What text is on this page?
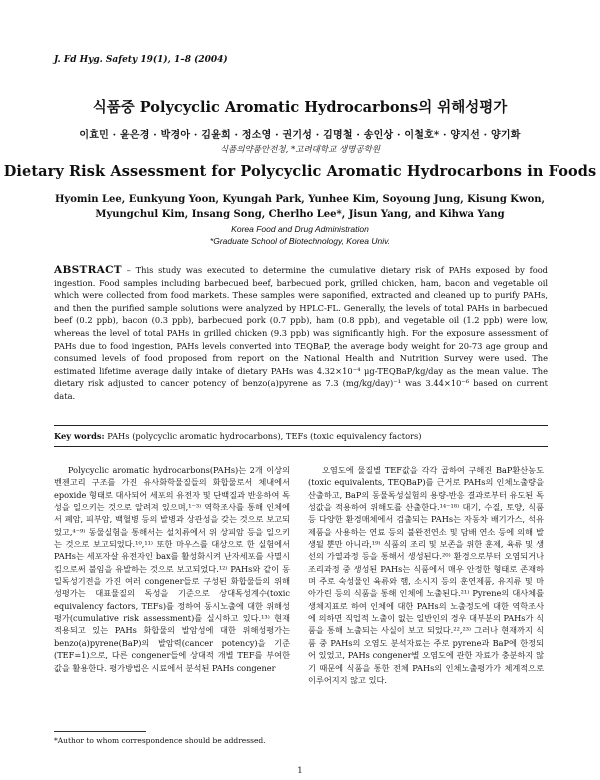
J. Fd Hyg. Safety 19(1), 1–8 (2004)
식품중 Polycyclic Aromatic Hydrocarbons의 위해성평가
이효민 · 윤은경 · 박경아 · 김윤희 · 정소영 · 권기성 · 김명철 · 송인상 · 이철호* · 양지선 · 양기화
식품의약품안전청, *고려대학교 생명공학원
Dietary Risk Assessment for Polycyclic Aromatic Hydrocarbons in Foods
Hyomin Lee, Eunkyung Yoon, Kyungah Park, Yunhee Kim, Soyoung Jung, Kisung Kwon, Myungchul Kim, Insang Song, Cherlho Lee*, Jisun Yang, and Kihwa Yang
Korea Food and Drug Administration
*Graduate School of Biotechnology, Korea Univ.
ABSTRACT – This study was executed to determine the cumulative dietary risk of PAHs exposed by food ingestion. Food samples including barbecued beef, barbecued pork, grilled chicken, ham, bacon and vegetable oil which were collected from food markets. These samples were saponified, extracted and cleaned up to purify PAHs, and then the purified sample solutions were analyzed by HPLC-FL. Generally, the levels of total PAHs in barbecued beef (0.2 ppb), bacon (0.3 ppb), barbecued pork (0.7 ppb), ham (0.8 ppb), and vegetable oil (1.2 ppb) were low, whereas the level of total PAHs in grilled chicken (9.3 ppb) was significantly high. For the exposure assessment of PAHs due to food ingestion, PAHs levels converted into TEQBaP, the average body weight for 20-73 age group and consumed levels of food proposed from report on the National Health and Nutrition Survey were used. The estimated lifetime average daily intake of dietary PAHs was 4.32×10⁻⁴ μg-TEQBaP/kg/day as the mean value. The dietary risk adjusted to cancer potency of benzo(a)pyrene as 7.3 (mg/kg/day)⁻¹ was 3.44×10⁻⁶ based on current data.
Key words: PAHs (polycyclic aromatic hydrocarbons), TEFs (toxic equivalency factors)
Polycyclic aromatic hydrocarbons(PAHs)는 2개 이상의 벤젠고리 구조를 가진 유사화학물질들의 화합물로서 체내에서 epoxide 형태로 대사되어 세포의 유전자 및 단백질과 반응하여 독성을 일으키는 것으로 알려져 있으며,¹⁻³⁾ 역학조사를 통해 인체에서 폐암, 피부암, 백혈병 등의 발병과 상관성을 갖는 것으로 보고되었고,⁴⁻⁹⁾ 동물실험을 통해서는 설치류에서 위 상피암 등을 일으키는 것으로 보고되었다.¹⁰,¹¹⁾ 또한 마우스를 대상으로 한 실험에서 PAHs는 세포자살 유전자인 bax를 활성화시켜 난자세포를 사멸시킴으로써 불임을 유발하는 것으로 보고되었다.¹²⁾ PAHs와 같이 동일독성기전을 가진 여러 congener들로 구성된 화합물들의 위해성평가는 대표물질의 독성을 기준으로 상대독성계수(toxic equivalency factors, TEFs)를 정하여 동시노출에 대한 위해성평가(cumulative risk assessment)를 실시하고 있다.¹³⁾ 현재 적용되고 있는 PAHs 화합물의 발암성에 대한 위해성평가는 benzo(a)pyrene(BaP)의 발암력(cancer potency)을 기준(TEF=1)으로, 다른 congener들에 상대적 개별 TEF를 부여한 값을 활용한다. 평가방법은 시료에서 분석된 PAHs congener
오염도에 물질별 TEF값을 각각 곱하여 구해진 BaP환산농도(toxic equivalents, TEQBaP)를 근거로 PAHs의 인체노출량을 산출하고, BaP의 동물독성실험의 용량-반응 결과로부터 유도된 독성값을 적용하여 위해도를 산출한다.¹⁴⁻¹⁸⁾ 대기, 수질, 토양, 식품 등 다양한 환경매체에서 검출되는 PAHs는 자동차 배기가스, 석유제품을 사용하는 연료 등의 불완전연소 및 담배 연소 등에 의해 발생될 뿐만 아니라,¹⁹⁾ 식품의 조리 및 보존을 위한 훈제, 육류 및 생선의 가열과정 등을 통해서 생성된다.²⁰⁾ 환경으로부터 오염되거나 조리과정 중 생성된 PAHs는 식품에서 매우 안정한 형태로 존재하며 주로 숙성물인 육류와 햄, 소시지 등의 훈연제품, 유지류 및 마아가린 등의 식품을 통해 인체에 노출된다.²¹⁾ Pyrene의 대사체를 생체지표로 하여 인체에 대한 PAHs의 노출정도에 대한 역학조사에 의하면 직업적 노출이 없는 일반인의 경우 대부분의 PAHs가 식품을 통해 노출되는 사실이 보고 되었다.²²,²³⁾ 그러나 현재까지 식품 중 PAHs의 오염도 분석자료는 주로 pyrene과 BaP에 한정되어 있었고, PAHs congener별 오염도에 관한 자료가 충분하지 않기 때문에 식품을 통한 전체 PAHs의 인체노출평가가 체계적으로 이루어지지 않고 있다.
*Author to whom correspondence should be addressed.
1
